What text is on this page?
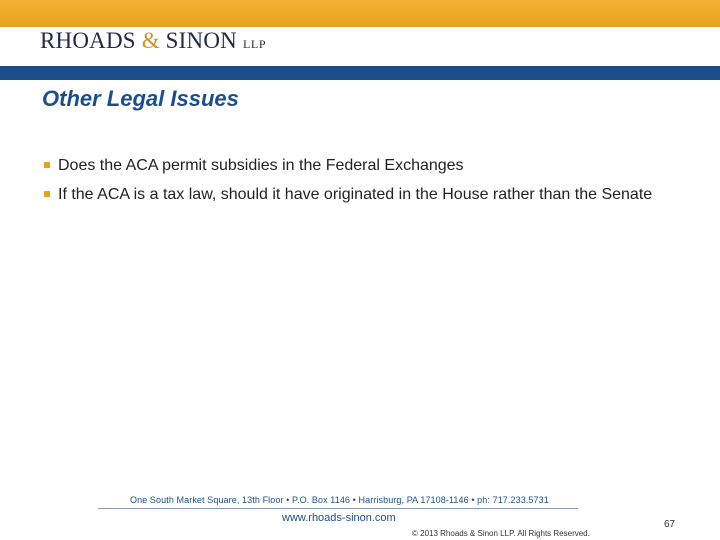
RHOADS & SINON LLP
Other Legal Issues
Does the ACA permit subsidies in the Federal Exchanges
If the ACA is a tax law, should it have originated in the House rather than the Senate
One South Market Square, 13th Floor • P.O. Box 1146 • Harrisburg, PA 17108-1146 • ph: 717.233.5731
www.rhoads-sinon.com
© 2013 Rhoads & Sinon LLP. All Rights Reserved.
67
